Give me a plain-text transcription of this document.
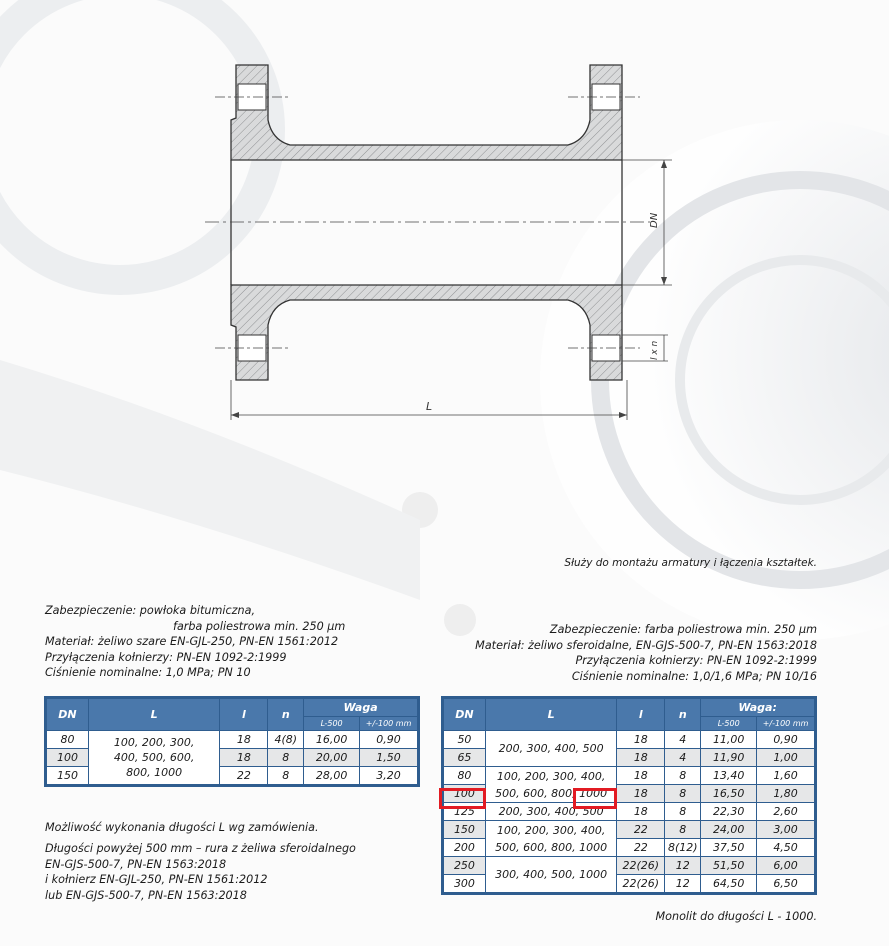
DN
l x n
L
Służy do montażu armatury i łączenia kształtek.
Zabezpieczenie: powłoka bitumiczna,
farba poliestrowa min. 250 µm
Materiał: żeliwo szare EN-GJL-250, PN-EN 1561:2012
Przyłączenia kołnierzy: PN-EN 1092-2:1999
Ciśnienie nominalne: 1,0 MPa; PN 10
Zabezpieczenie: farba poliestrowa min. 250 µm
Materiał: żeliwo sferoidalne, EN-GJS-500-7, PN-EN 1563:2018
Przyłączenia kołnierzy: PN-EN 1092-2:1999
Ciśnienie nominalne: 1,0/1,6 MPa; PN 10/16
DN	L	l	n	Waga	
				L-500	+/-100 mm
80	100, 200, 300,
400, 500, 600,
800, 1000	18	4(8)	16,00	0,90
100		18	8	20,00	1,50
150		22	8	28,00	3,20
Możliwość wykonania długości L wg zamówienia.
Długości powyżej 500 mm – rura z żeliwa sferoidalnego
EN-GJS-500-7, PN-EN 1563:2018
i kołnierz EN-GJL-250, PN-EN 1561:2012
lub EN-GJS-500-7, PN-EN 1563:2018
DN	L	l	n	Waga:	
				L-500	+/-100 mm
50	200, 300, 400, 500	18	4	11,00	0,90
65		18	4	11,90	1,00
80	100, 200, 300, 400,
500, 600, 800, 1000	18	8	13,40	1,60
100		18	8	16,50	1,80
125	200, 300, 400, 500	18	8	22,30	2,60
150	100, 200, 300, 400,
500, 600, 800, 1000	22	8	24,00	3,00
200		22	8(12)	37,50	4,50
250	300, 400, 500, 1000	22(26)	12	51,50	6,00
300		22(26)	12	64,50	6,50
Monolit do długości L - 1000.
